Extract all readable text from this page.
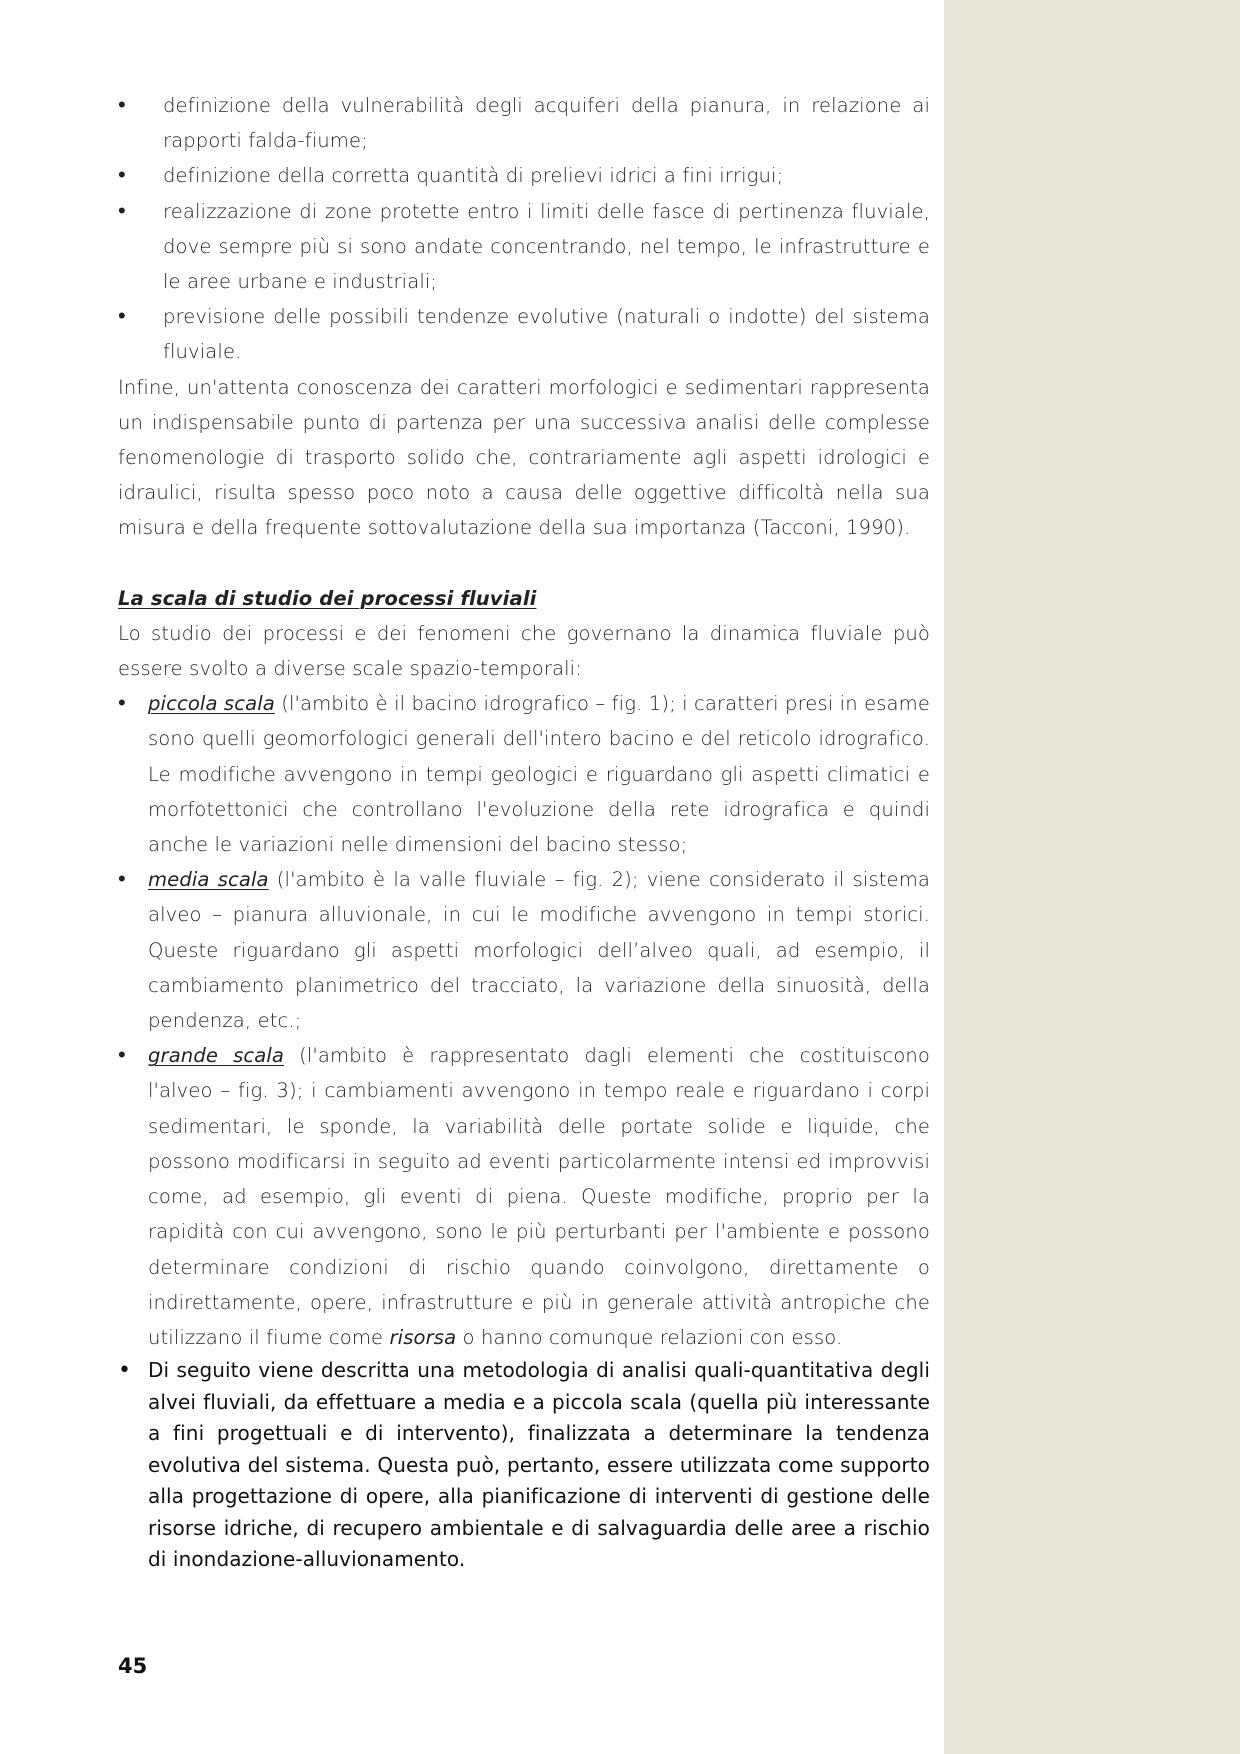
• definizione della vulnerabilità degli acquiferi della pianura, in relazione ai rapporti falda-fiume;
• definizione della corretta quantità di prelievi idrici a fini irrigui;
• realizzazione di zone protette entro i limiti delle fasce di pertinenza fluviale, dove sempre più si sono andate concentrando, nel tempo, le infrastrutture e le aree urbane e industriali;
• previsione delle possibili tendenze evolutive (naturali o indotte) del sistema fluviale.

Infine, un'attenta conoscenza dei caratteri morfologici e sedimentari rappresenta un indispensabile punto di partenza per una successiva analisi delle complesse fenomenologie di trasporto solido che, contrariamente agli aspetti idrologici e idraulici, risulta spesso poco noto a causa delle oggettive difficoltà nella sua misura e della frequente sottovalutazione della sua importanza (Tacconi, 1990).

La scala di studio dei processi fluviali

Lo studio dei processi e dei fenomeni che governano la dinamica fluviale può essere svolto a diverse scale spazio-temporali:

• piccola scala (l'ambito è il bacino idrografico – fig. 1); i caratteri presi in esame sono quelli geomorfologici generali dell'intero bacino e del reticolo idrografico. Le modifiche avvengono in tempi geologici e riguardano gli aspetti climatici e morfotettonici che controllano l'evoluzione della rete idrografica e quindi anche le variazioni nelle dimensioni del bacino stesso;
• media scala (l'ambito è la valle fluviale – fig. 2); viene considerato il sistema alveo – pianura alluvionale, in cui le modifiche avvengono in tempi storici. Queste riguardano gli aspetti morfologici dell’alveo quali, ad esempio, il cambiamento planimetrico del tracciato, la variazione della sinuosità, della pendenza, etc.;
• grande scala (l'ambito è rappresentato dagli elementi che costituiscono l'alveo – fig. 3); i cambiamenti avvengono in tempo reale e riguardano i corpi sedimentari, le sponde, la variabilità delle portate solide e liquide, che possono modificarsi in seguito ad eventi particolarmente intensi ed improvvisi come, ad esempio, gli eventi di piena. Queste modifiche, proprio per la rapidità con cui avvengono, sono le più perturbanti per l'ambiente e possono determinare condizioni di rischio quando coinvolgono, direttamente o indirettamente, opere, infrastrutture e più in generale attività antropiche che utilizzano il fiume come risorsa o hanno comunque relazioni con esso.
• Di seguito viene descritta una metodologia di analisi quali-quantitativa degli alvei fluviali, da effettuare a media e a piccola scala (quella più interessante a fini progettuali e di intervento), finalizzata a determinare la tendenza evolutiva del sistema. Questa può, pertanto, essere utilizzata come supporto alla progettazione di opere, alla pianificazione di interventi di gestione delle risorse idriche, di recupero ambientale e di salvaguardia delle aree a rischio di inondazione-alluvionamento.
45
